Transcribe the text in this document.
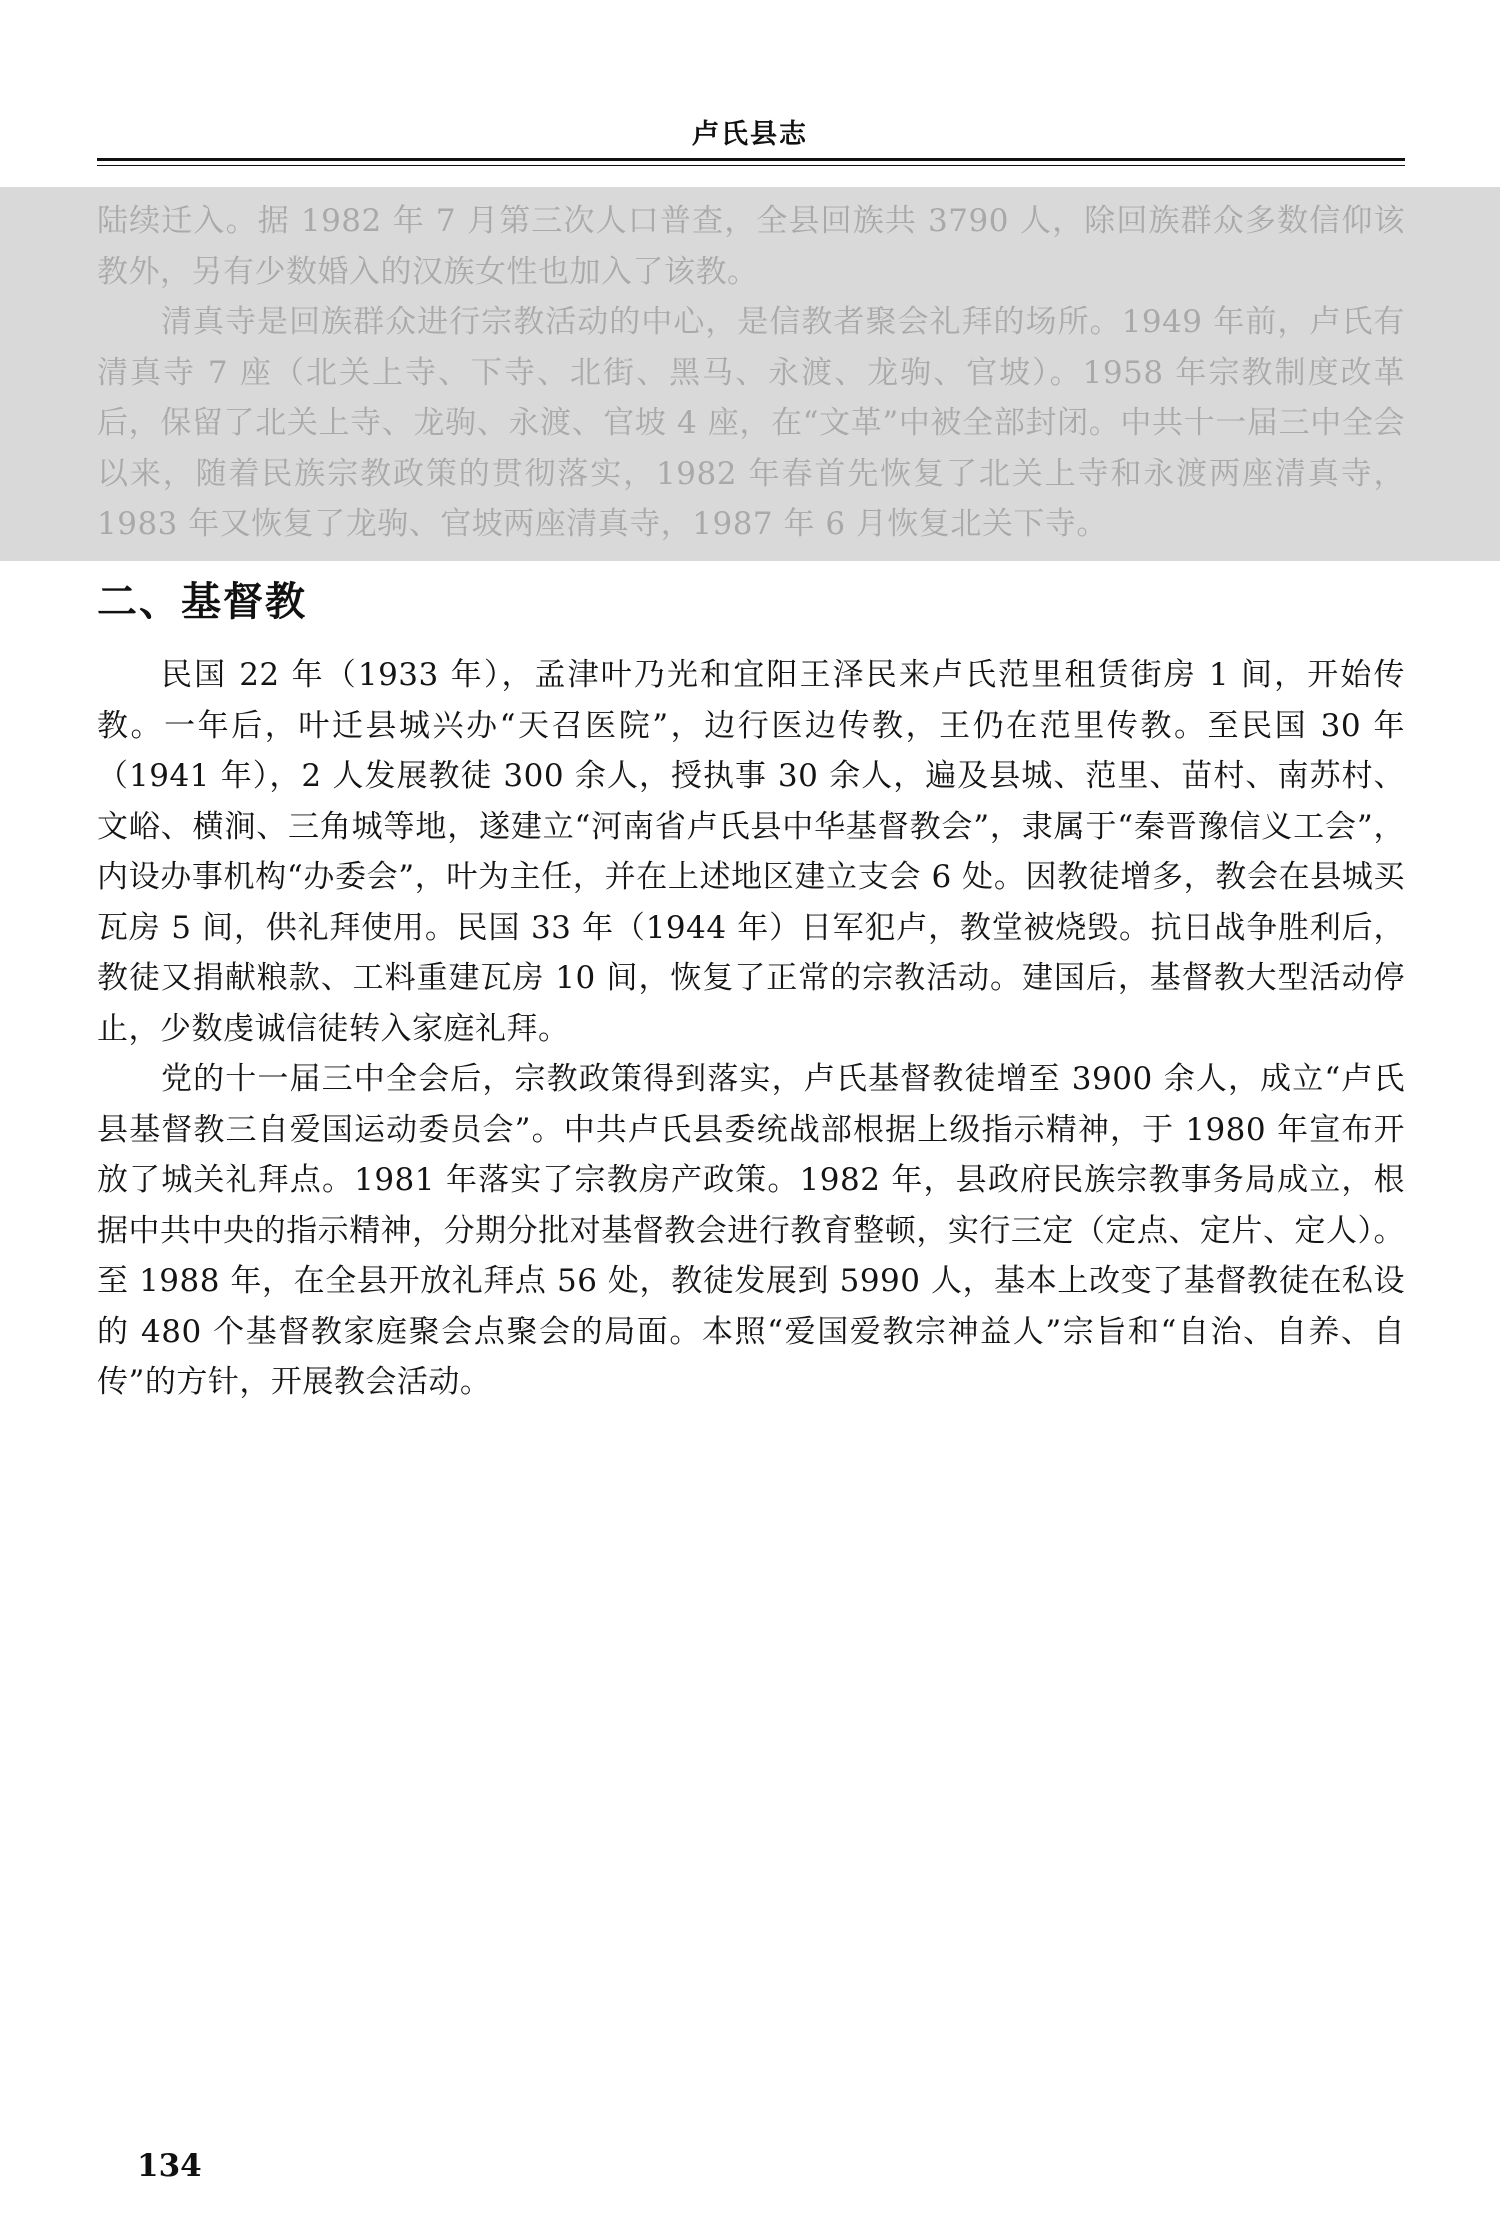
卢氏县志

陆续迁入。据 1982 年 7 月第三次人口普查，全县回族共 3790 人，除回族群众多数信仰该教外，另有少数婚入的汉族女性也加入了该教。

清真寺是回族群众进行宗教活动的中心，是信教者聚会礼拜的场所。1949 年前，卢氏有清真寺 7 座（北关上寺、下寺、北街、黑马、永渡、龙驹、官坡）。1958 年宗教制度改革后，保留了北关上寺、龙驹、永渡、官坡 4 座，在“文革”中被全部封闭。中共十一届三中全会以来，随着民族宗教政策的贯彻落实，1982 年春首先恢复了北关上寺和永渡两座清真寺，1983 年又恢复了龙驹、官坡两座清真寺，1987 年 6 月恢复北关下寺。

二、基督教

民国 22 年（1933 年），孟津叶乃光和宜阳王泽民来卢氏范里租赁街房 1 间，开始传教。一年后，叶迁县城兴办“天召医院”，边行医边传教，王仍在范里传教。至民国 30 年（1941 年），2 人发展教徒 300 余人，授执事 30 余人，遍及县城、范里、苗村、南苏村、文峪、横涧、三角城等地，遂建立“河南省卢氏县中华基督教会”，隶属于“秦晋豫信义工会”，内设办事机构“办委会”，叶为主任，并在上述地区建立支会 6 处。因教徒增多，教会在县城买瓦房 5 间，供礼拜使用。民国 33 年（1944 年）日军犯卢，教堂被烧毁。抗日战争胜利后，教徒又捐献粮款、工料重建瓦房 10 间，恢复了正常的宗教活动。建国后，基督教大型活动停止，少数虔诚信徒转入家庭礼拜。

党的十一届三中全会后，宗教政策得到落实，卢氏基督教徒增至 3900 余人，成立“卢氏县基督教三自爱国运动委员会”。中共卢氏县委统战部根据上级指示精神，于 1980 年宣布开放了城关礼拜点。1981 年落实了宗教房产政策。1982 年，县政府民族宗教事务局成立，根据中共中央的指示精神，分期分批对基督教会进行教育整顿，实行三定（定点、定片、定人）。至 1988 年，在全县开放礼拜点 56 处，教徒发展到 5990 人，基本上改变了基督教徒在私设的 480 个基督教家庭聚会点聚会的局面。本照“爱国爱教宗神益人”宗旨和“自治、自养、自传”的方针，开展教会活动。

134
